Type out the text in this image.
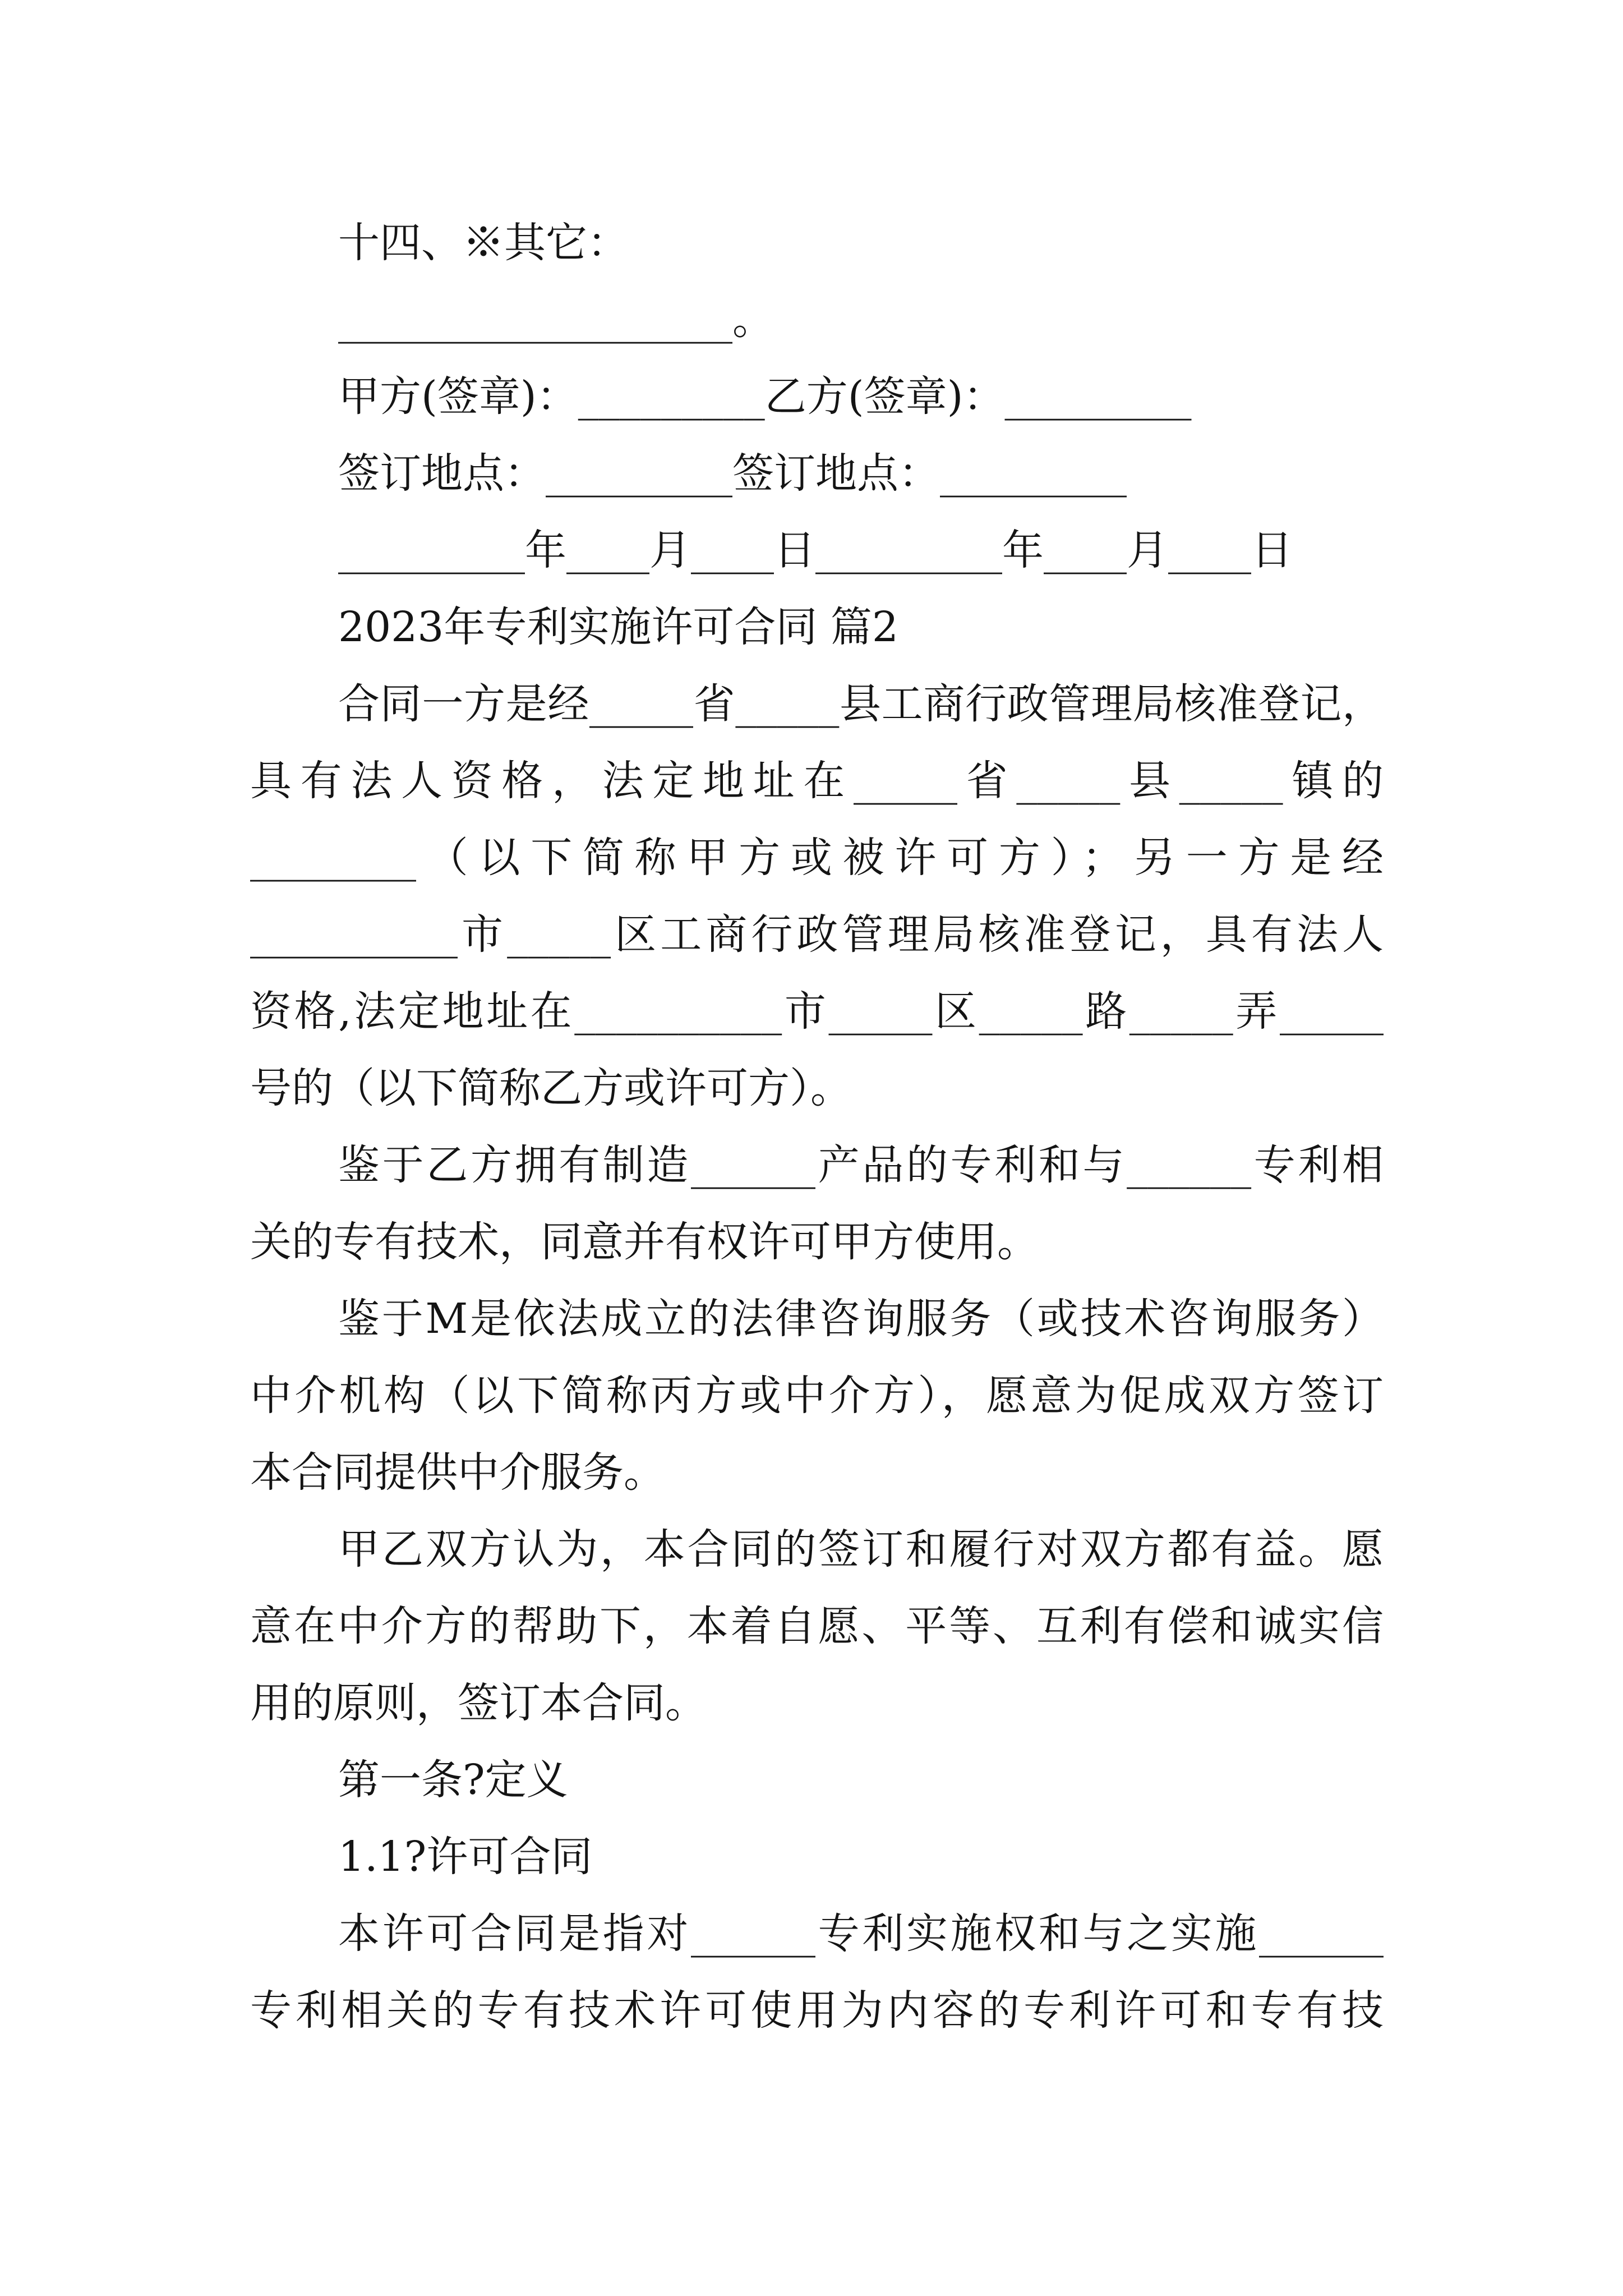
十四、※其它：
___________________。
甲方(签章)：_________乙方(签章)：_________
签订地点：_________签订地点：_________
_________年____月____日_________年____月____日
2023年专利实施许可合同 篇2
合同一方是经_____省_____县工商行政管理局核准登记，
具有法人资格，法定地址在_____省_____县_____镇的
________（以下简称甲方或被许可方）；另一方是经
__________市_____区工商行政管理局核准登记，具有法人
资格,法定地址在__________市_____区_____路_____弄_____
号的（以下简称乙方或许可方）。
鉴于乙方拥有制造______产品的专利和与______专利相
关的专有技术，同意并有权许可甲方使用。
鉴于M是依法成立的法律咨询服务（或技术咨询服务）
中介机构（以下简称丙方或中介方），愿意为促成双方签订
本合同提供中介服务。
甲乙双方认为，本合同的签订和履行对双方都有益。愿
意在中介方的帮助下，本着自愿、平等、互利有偿和诚实信
用的原则，签订本合同。
第一条?定义
1.1?许可合同
本许可合同是指对______专利实施权和与之实施______
专利相关的专有技术许可使用为内容的专利许可和专有技
